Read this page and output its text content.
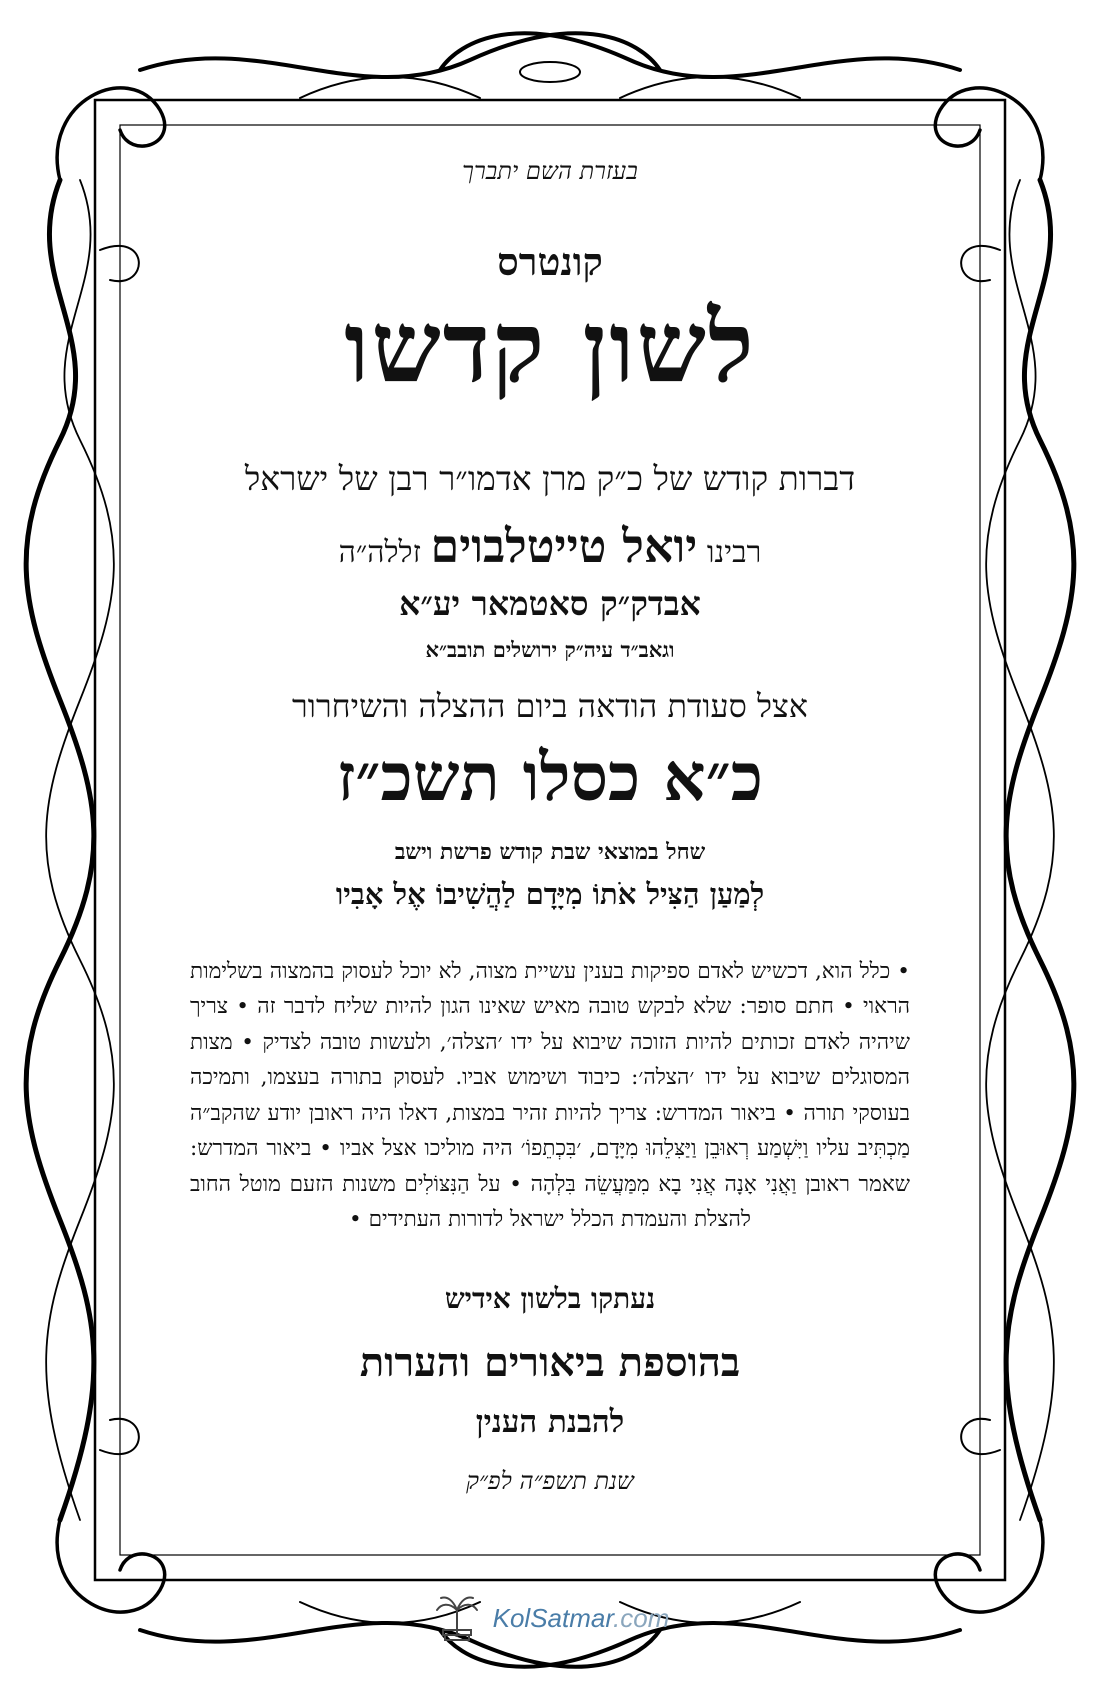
בעזרת השם יתברך

קונטרס

לשון קדשו

דברות קודש של כ״ק מרן אדמו״ר רבן של ישראל

רבינו יואל טייטלבוים זללה״ה

אבדק״ק סאטמאר יע״א

וגאב״ד עיה״ק ירושלים תובב״א

אצל סעודת הודאה ביום ההצלה והשיחרור

כ״א כסלו תשכ״ז

שחל במוצאי שבת קודש פרשת וישב

לְמַעַן הַצִּיל אֹתוֹ מִיָּדָם לַהֲשִׁיבוֹ אֶל אָבִיו

• כלל הוא, דכשיש לאדם ספיקות בענין עשיית מצוה, לא יוכל לעסוק בהמצוה בשלימות הראוי • חתם סופר: שלא לבקש טובה מאיש שאינו הגון להיות שליח לדבר זה • צריך שיהיה לאדם זכותים להיות הזוכה שיבוא על ידו ׳הצלה׳, ולעשות טובה לצדיק • מצות המסוגלים שיבוא על ידו ׳הצלה׳: כיבוד ושימוש אביו. לעסוק בתורה בעצמו, ותמיכה בעוסקי תורה • ביאור המדרש: צריך להיות זהיר במצות, דאלו היה ראובן יודע שהקב״ה מַכְתִּיב עליו וַיִּשְׁמַע רְאוּבֵן וַיַּצִּלֵהוּ מִיָּדָם, ׳בִּכְתֵפוֹ׳ היה מוליכו אצל אביו • ביאור המדרש: שאמר ראובן וַאֲנִי אָנָה אֲנִי בָא מִמַּעֲשֵׂה בִּלְהָה • על הַנִּצּוֹלִים משנות הזעם מוטל החוב להצלת והעמדת הכלל ישראל לדורות העתידים •

נעתקו בלשון אידיש

בהוספת ביאורים והערות

להבנת הענין

שנת תשפ״ה לפ״ק

KolSatmar.com
